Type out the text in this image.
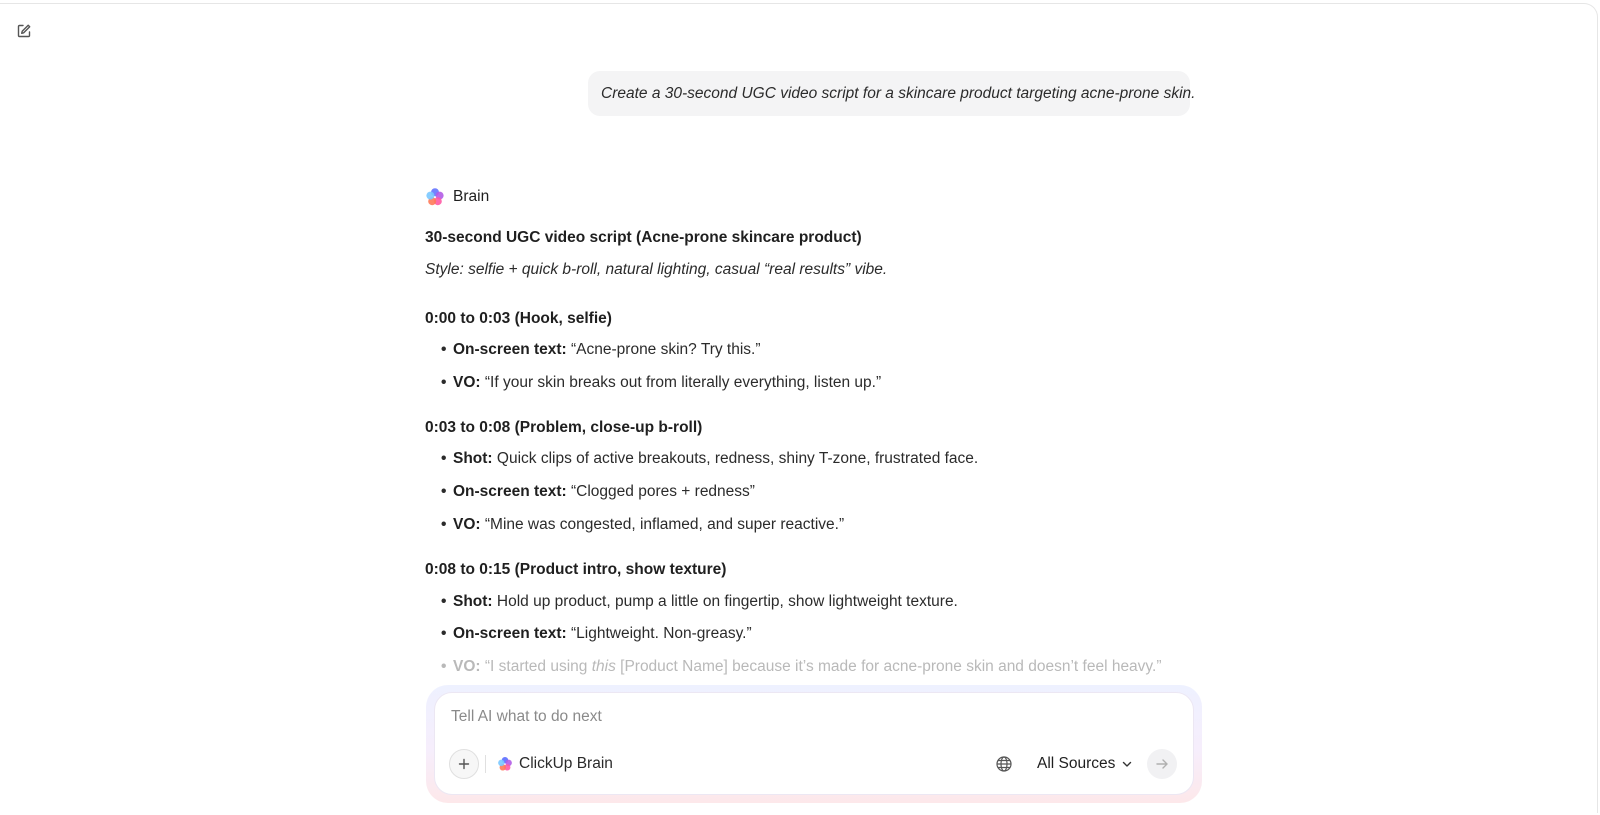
Create a 30-second UGC video script for a skincare product targeting acne-prone skin.
Brain
30-second UGC video script (Acne-prone skincare product)
Style: selfie + quick b-roll, natural lighting, casual “real results” vibe.
0:00 to 0:03 (Hook, selfie)
• On-screen text: “Acne-prone skin? Try this.”
• VO: “If your skin breaks out from literally everything, listen up.”
0:03 to 0:08 (Problem, close-up b-roll)
• Shot: Quick clips of active breakouts, redness, shiny T-zone, frustrated face.
• On-screen text: “Clogged pores + redness”
• VO: “Mine was congested, inflamed, and super reactive.”
0:08 to 0:15 (Product intro, show texture)
• Shot: Hold up product, pump a little on fingertip, show lightweight texture.
• On-screen text: “Lightweight. Non-greasy.”
• VO: “I started using this [Product Name] because it’s made for acne-prone skin and doesn’t feel heavy.”
Tell AI what to do next
ClickUp Brain	All Sources
